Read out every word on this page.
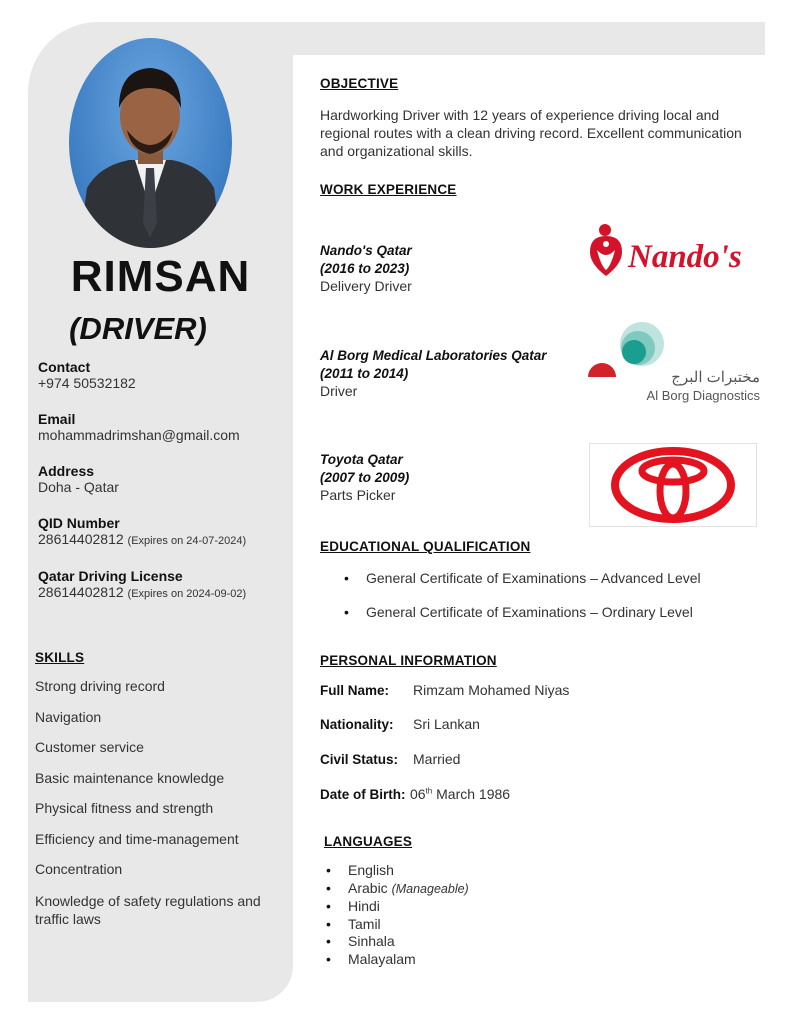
RIMSAN
(DRIVER)
Contact
+974 50532182
Email
mohammadrimshan@gmail.com
Address
Doha - Qatar
QID Number
28614402812 (Expires on 24-07-2024)
Qatar Driving License
28614402812 (Expires on 2024-09-02)
SKILLS
Strong driving record
Navigation
Customer service
Basic maintenance knowledge
Physical fitness and strength
Efficiency and time-management
Concentration
Knowledge of safety regulations and traffic laws
OBJECTIVE
Hardworking Driver with 12 years of experience driving local and regional routes with a clean driving record. Excellent communication and organizational skills.
WORK EXPERIENCE
Nando's Qatar
(2016 to 2023)
Delivery Driver
Nando's
Al Borg Medical Laboratories Qatar
(2011 to 2014)
Driver
مختبرات البرج
Al Borg Diagnostics
Toyota Qatar
(2007 to 2009)
Parts Picker
EDUCATIONAL QUALIFICATION
• General Certificate of Examinations – Advanced Level
• General Certificate of Examinations – Ordinary Level
PERSONAL INFORMATION
Full Name: Rimzam Mohamed Niyas
Nationality: Sri Lankan
Civil Status: Married
Date of Birth: 06th March 1986
LANGUAGES
• English
• Arabic (Manageable)
• Hindi
• Tamil
• Sinhala
• Malayalam
